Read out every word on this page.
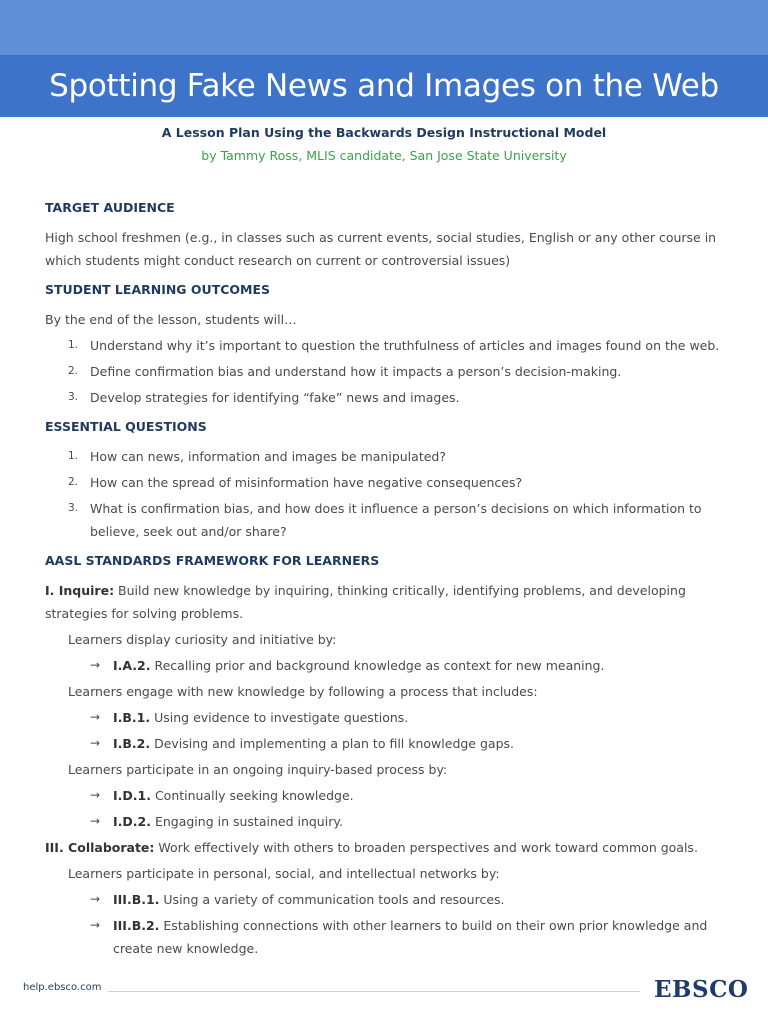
Spotting Fake News and Images on the Web
A Lesson Plan Using the Backwards Design Instructional Model
by Tammy Ross, MLIS candidate, San Jose State University
TARGET AUDIENCE

High school freshmen (e.g., in classes such as current events, social studies, English or any other course in which students might conduct research on current or controversial issues)

STUDENT LEARNING OUTCOMES

By the end of the lesson, students will…

1. Understand why it’s important to question the truthfulness of articles and images found on the web.
2. Define confirmation bias and understand how it impacts a person’s decision-making.
3. Develop strategies for identifying “fake” news and images.
ESSENTIAL QUESTIONS
1. How can news, information and images be manipulated?
2. How can the spread of misinformation have negative consequences?
3. What is confirmation bias, and how does it influence a person’s decisions on which information to believe, seek out and/or share?
AASL STANDARDS FRAMEWORK FOR LEARNERS

I. Inquire: Build new knowledge by inquiring, thinking critically, identifying problems, and developing strategies for solving problems.

Learners display curiosity and initiative by:
→ I.A.2. Recalling prior and background knowledge as context for new meaning.
Learners engage with new knowledge by following a process that includes:
→ I.B.1. Using evidence to investigate questions.
→ I.B.2. Devising and implementing a plan to fill knowledge gaps.
Learners participate in an ongoing inquiry-based process by:
→ I.D.1. Continually seeking knowledge.
→ I.D.2. Engaging in sustained inquiry.

III. Collaborate: Work effectively with others to broaden perspectives and work toward common goals.

Learners participate in personal, social, and intellectual networks by:
→ III.B.1. Using a variety of communication tools and resources.
→ III.B.2. Establishing connections with other learners to build on their own prior knowledge and create new knowledge.
help.ebsco.com	EBSCO
